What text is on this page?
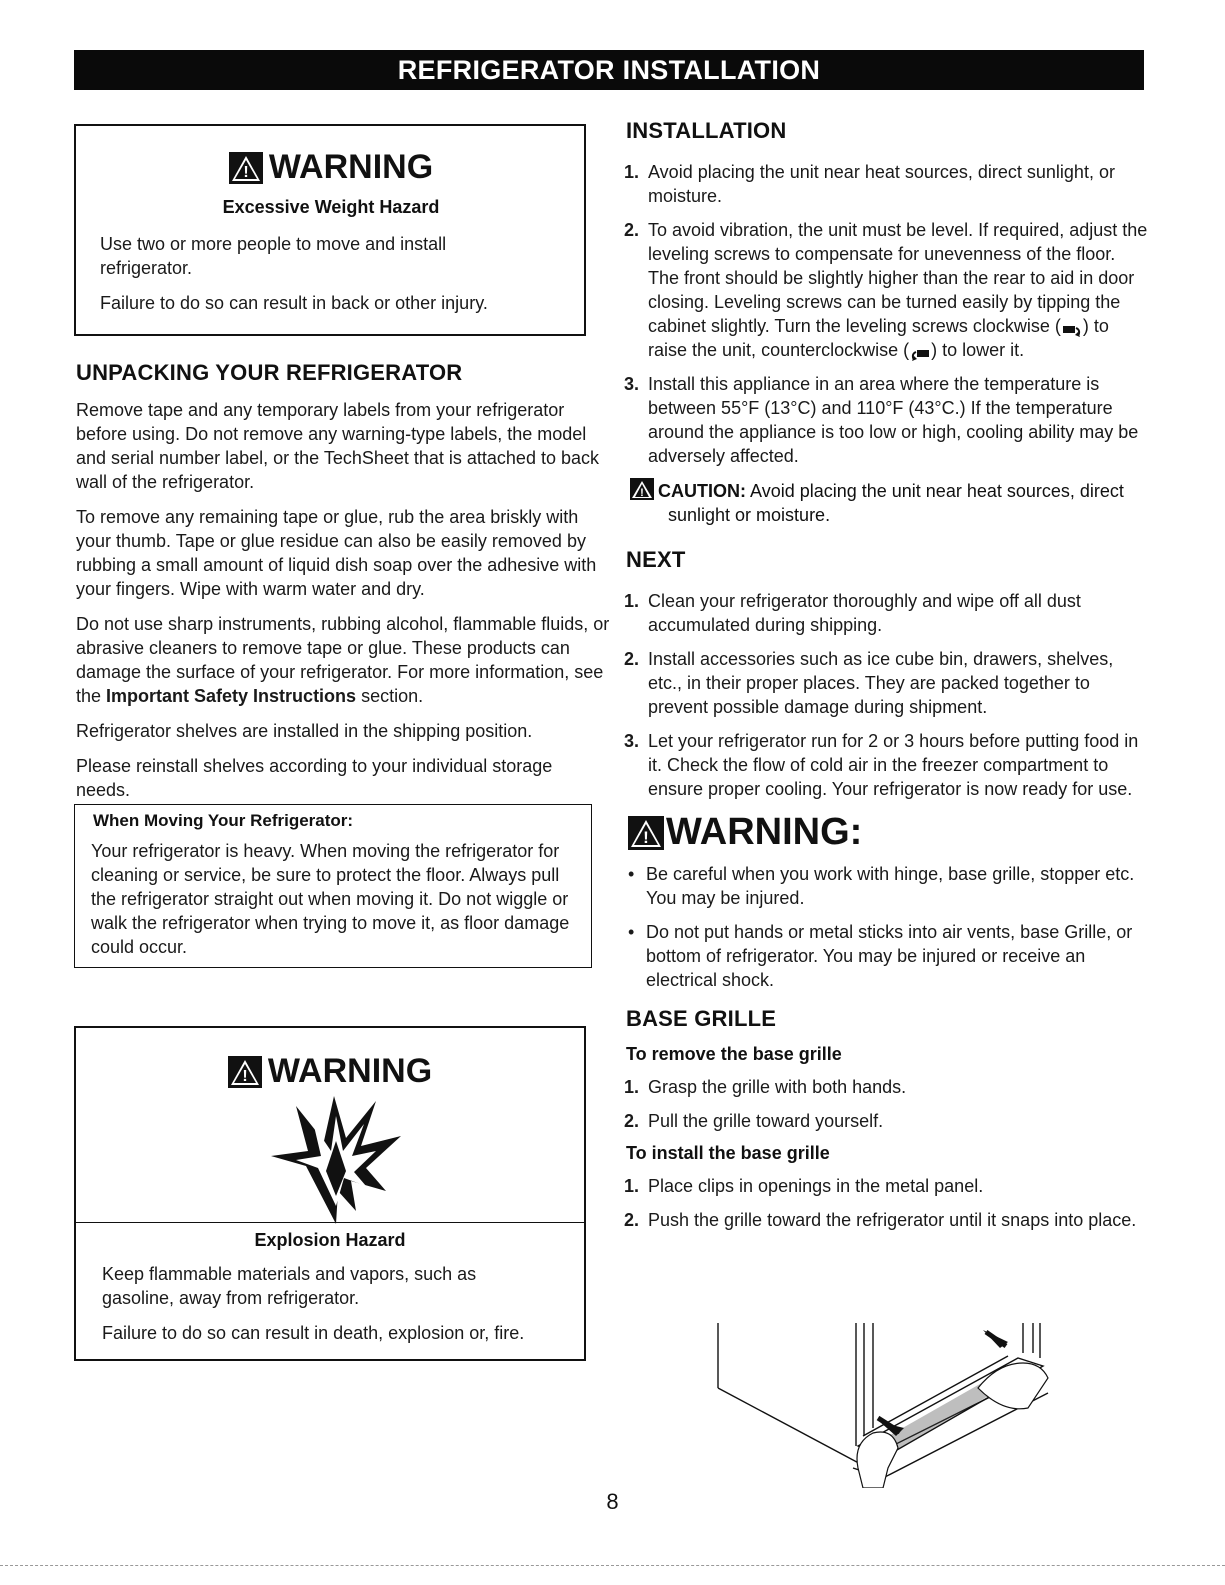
REFRIGERATOR INSTALLATION
! WARNING
Excessive Weight Hazard

Use two or more people to move and install refrigerator.

Failure to do so can result in back or other injury.

UNPACKING YOUR REFRIGERATOR

Remove tape and any temporary labels from your refrigerator before using. Do not remove any warning-type labels, the model and serial number label, or the TechSheet that is attached to back wall of the refrigerator.

To remove any remaining tape or glue, rub the area briskly with your thumb. Tape or glue residue can also be easily removed by rubbing a small amount of liquid dish soap over the adhesive with your fingers. Wipe with warm water and dry.

Do not use sharp instruments, rubbing alcohol, flammable fluids, or abrasive cleaners to remove tape or glue. These products can damage the surface of your refrigerator. For more information, see the Important Safety Instructions section.

Refrigerator shelves are installed in the shipping position.

Please reinstall shelves according to your individual storage needs.

When Moving Your Refrigerator:

Your refrigerator is heavy. When moving the refrigerator for cleaning or service, be sure to protect the floor. Always pull the refrigerator straight out when moving it. Do not wiggle or walk the refrigerator when trying to move it, as floor damage could occur.

! WARNING
Explosion Hazard

Keep flammable materials and vapors, such as gasoline, away from refrigerator.

Failure to do so can result in death, explosion or, fire.

INSTALLATION
1. Avoid placing the unit near heat sources, direct sunlight, or moisture.
2. To avoid vibration, the unit must be level. If required, adjust the leveling screws to compensate for unevenness of the floor. The front should be slightly higher than the rear to aid in door closing. Leveling screws can be turned easily by tipping the cabinet slightly. Turn the leveling screws clockwise ( ) to raise the unit, counterclockwise ( ) to lower it.
3. Install this appliance in an area where the temperature is between 55°F (13°C) and 110°F (43°C.) If the temperature around the appliance is too low or high, cooling ability may be adversely affected.
! CAUTION: Avoid placing the unit near heat sources, direct sunlight or moisture.
NEXT
1. Clean your refrigerator thoroughly and wipe off all dust accumulated during shipping.
2. Install accessories such as ice cube bin, drawers, shelves, etc., in their proper places. They are packed together to prevent possible damage during shipment.
3. Let your refrigerator run for 2 or 3 hours before putting food in it. Check the flow of cold air in the freezer compartment to ensure proper cooling. Your refrigerator is now ready for use.
! WARNING:
• Be careful when you work with hinge, base grille, stopper etc. You may be injured.
• Do not put hands or metal sticks into air vents, base Grille, or bottom of refrigerator. You may be injured or receive an electrical shock.
BASE GRILLE
To remove the base grille
1. Grasp the grille with both hands.
2. Pull the grille toward yourself.
To install the base grille
1. Place clips in openings in the metal panel.
2. Push the grille toward the refrigerator until it snaps into place.
8
